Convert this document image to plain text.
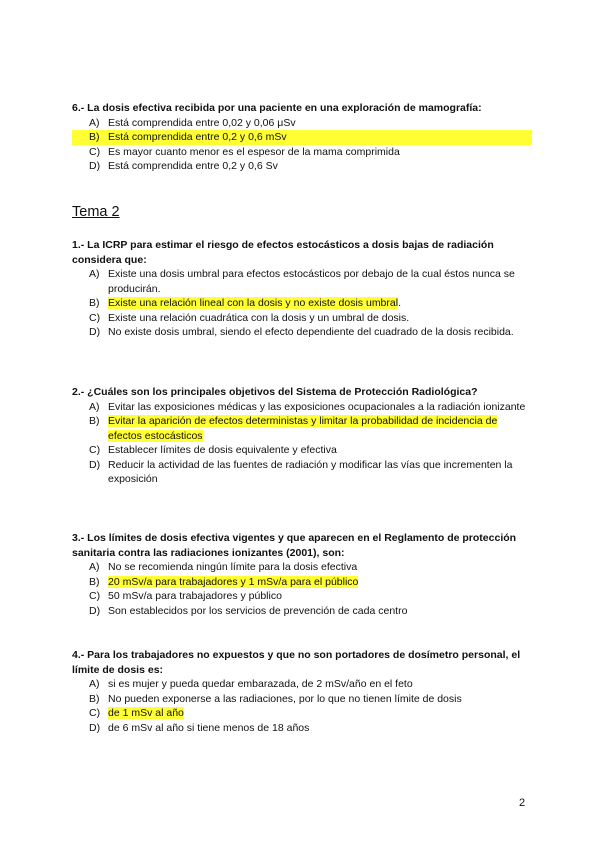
6.- La dosis efectiva recibida por una paciente en una exploración de mamografía:
A) Está comprendida entre 0,02 y 0,06 μSv
B) Está comprendida entre 0,2 y 0,6 mSv
C) Es mayor cuanto menor es el espesor de la mama comprimida
D) Está comprendida entre 0,2 y 0,6 Sv
Tema 2
1.- La ICRP para estimar el riesgo de efectos estocásticos a dosis bajas de radiación considera que:
A) Existe una dosis umbral para efectos estocásticos por debajo de la cual éstos nunca se producirán.
B) Existe una relación lineal con la dosis y no existe dosis umbral.
C) Existe una relación cuadrática con la dosis y un umbral de dosis.
D) No existe dosis umbral, siendo el efecto dependiente del cuadrado de la dosis recibida.
2.- ¿Cuáles son los principales objetivos del Sistema de Protección Radiológica?
A) Evitar las exposiciones médicas y las exposiciones ocupacionales a la radiación ionizante
B) Evitar la aparición de efectos deterministas y limitar la probabilidad de incidencia de efectos estocásticos
C) Establecer límites de dosis equivalente y efectiva
D) Reducir la actividad de las fuentes de radiación y modificar las vías que incrementen la exposición
3.- Los límites de dosis efectiva vigentes y que aparecen en el Reglamento de protección sanitaria contra las radiaciones ionizantes (2001), son:
A) No se recomienda ningún límite para la dosis efectiva
B) 20 mSv/a para trabajadores y 1 mSv/a para el público
C) 50 mSv/a para trabajadores y público
D) Son establecidos por los servicios de prevención de cada centro
4.- Para los trabajadores no expuestos y que no son portadores de dosímetro personal, el límite de dosis es:
A) si es mujer y pueda quedar embarazada, de 2 mSv/año en el feto
B) No pueden exponerse a las radiaciones, por lo que no tienen límite de dosis
C) de 1 mSv al año
D) de 6 mSv al año si tiene menos de 18 años
2
